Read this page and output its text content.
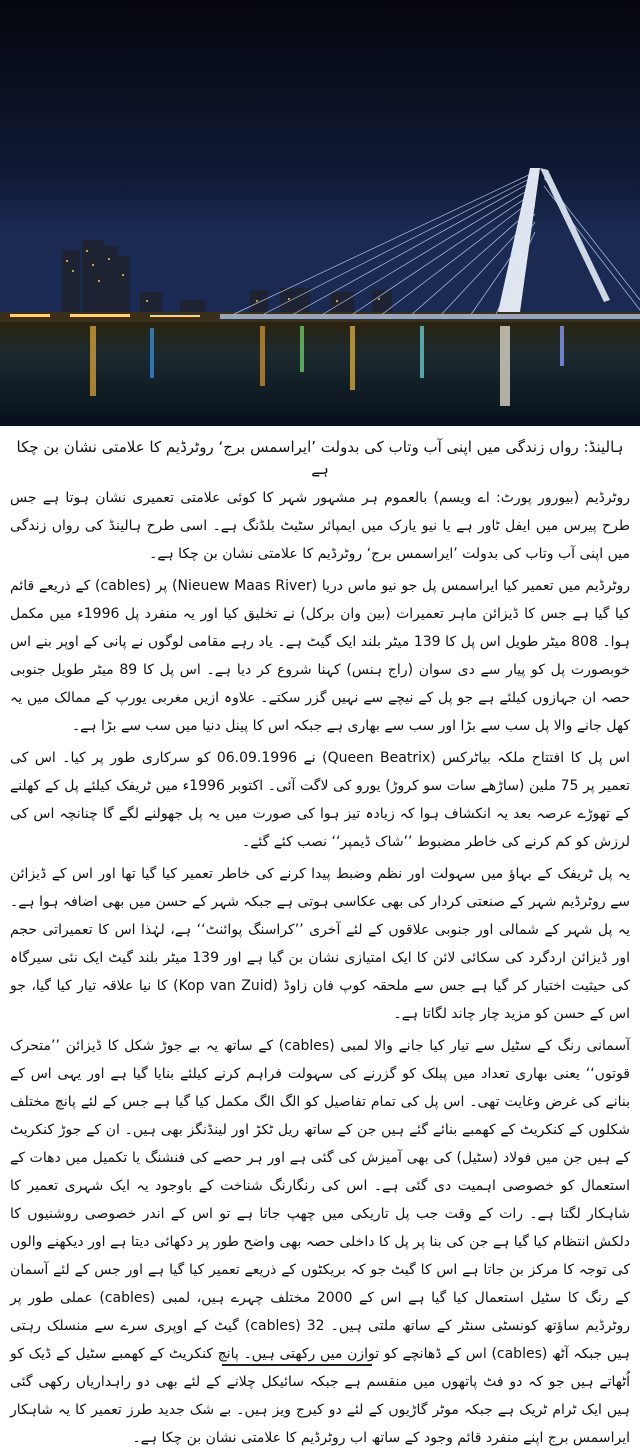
ہالینڈ: رواں زندگی میں اپنی آب وتاب کی بدولت ’ایراسمس برج‘ روٹرڈیم کا علامتی نشان بن چکا ہے

روٹرڈیم (بیورور پورٹ: اے ویسم) بالعموم ہر مشہور شہر کا کوئی علامتی تعمیری نشان ہوتا ہے جس طرح پیرس میں ایفل ٹاور ہے یا نیو یارک میں ایمپائر سٹیٹ بلڈنگ ہے۔ اسی طرح ہالینڈ کی رواں زندگی میں اپنی آب وتاب کی بدولت ’ایراسمس برج‘ روٹرڈیم کا علامتی نشان بن چکا ہے۔

روٹرڈیم میں تعمیر کیا ایراسمس پل جو نیو ماس دریا (Nieuew Maas River) پر (cables) کے ذریعے قائم کیا گیا ہے جس کا ڈیزائن ماہر تعمیرات (بین وان برکل) نے تخلیق کیا اور یہ منفرد پل 1996ء میں مکمل ہوا۔ 808 میٹر طویل اس پل کا 139 میٹر بلند ایک گیٹ ہے۔ یاد رہے مقامی لوگوں نے پانی کے اوپر بنے اس خوبصورت پل کو پیار سے دی سوان (راج ہنس) کہنا شروع کر دیا ہے۔ اس پل کا 89 میٹر طویل جنوبی حصہ ان جہازوں کیلئے ہے جو پل کے نیچے سے نہیں گزر سکتے۔ علاوہ ازیں مغربی یورپ کے ممالک میں یہ کھل جانے والا پل سب سے بڑا اور سب سے بھاری ہے جبکہ اس کا پینل دنیا میں سب سے بڑا ہے۔

اس پل کا افتتاح ملکہ بیاٹرکس (Queen Beatrix) نے 06.09.1996 کو سرکاری طور پر کیا۔ اس کی تعمیر پر 75 ملین (ساڑھے سات سو کروڑ) یورو کی لاگت آئی۔ اکتوبر 1996ء میں ٹریفک کیلئے پل کے کھلنے کے تھوڑے عرصہ بعد یہ انکشاف ہوا کہ زیادہ تیز ہوا کی صورت میں یہ پل جھولنے لگے گا چنانچہ اس کی لرزش کو کم کرنے کی خاطر مضبوط ’’شاک ڈیمپر‘‘ نصب کئے گئے۔

یہ پل ٹریفک کے بہاؤ میں سہولت اور نظم وضبط پیدا کرنے کی خاطر تعمیر کیا گیا تھا اور اس کے ڈیزائن سے روٹرڈیم شہر کے صنعتی کردار کی بھی عکاسی ہوتی ہے جبکہ شہر کے حسن میں بھی اضافہ ہوا ہے۔ یہ پل شہر کے شمالی اور جنوبی علاقوں کے لئے آخری ’’کراسنگ پوائنٹ‘‘ ہے، لہٰذا اس کا تعمیراتی حجم اور ڈیزائن اردگرد کی سکائی لائن کا ایک امتیازی نشان بن گیا ہے اور 139 میٹر بلند گیٹ ایک نئی سیرگاہ کی حیثیت اختیار کر گیا ہے جس سے ملحقہ کوپ فان زاوڈ (Kop van Zuid) کا نیا علاقہ تیار کیا گیا، جو اس کے حسن کو مزید چار چاند لگاتا ہے۔

آسمانی رنگ کے سٹیل سے تیار کیا جانے والا لمبی (cables) کے ساتھ یہ بے جوڑ شکل کا ڈیزائن ’’متحرک قوتوں‘‘ یعنی بھاری تعداد میں پبلک کو گزرنے کی سہولت فراہم کرنے کیلئے بنایا گیا ہے اور یہی اس کے بنانے کی غرض وغایت تھی۔ اس پل کی تمام تفاصیل کو الگ الگ مکمل کیا گیا ہے جس کے لئے پانچ مختلف شکلوں کے کنکریٹ کے کھمبے بنائے گئے ہیں جن کے ساتھ ریل ٹکڑ اور لینڈنگز بھی ہیں۔ ان کے جوڑ کنکریٹ کے ہیں جن میں فولاد (سٹیل) کی بھی آمیزش کی گئی ہے اور ہر حصے کی فنشنگ یا تکمیل میں دھات کے استعمال کو خصوصی اہمیت دی گئی ہے۔ اس کی رنگارنگ شناخت کے باوجود یہ ایک شہری تعمیر کا شاہکار لگتا ہے۔ رات کے وقت جب پل تاریکی میں چھپ جاتا ہے تو اس کے اندر خصوصی روشنیوں کا دلکش انتظام کیا گیا ہے جن کی بنا پر پل کا داخلی حصہ بھی واضح طور پر دکھائی دیتا ہے اور دیکھنے والوں کی توجہ کا مرکز بن جاتا ہے اس کا گیٹ جو کہ بریکٹوں کے ذریعے تعمیر کیا گیا ہے اور جس کے لئے آسمان کے رنگ کا سٹیل استعمال کیا گیا ہے اس کے 2000 مختلف چہرے ہیں، لمبی (cables) عملی طور پر روٹرڈیم ساؤتھ کونسٹی سنٹر کے ساتھ ملتی ہیں۔ 32 (cables) گیٹ کے اوپری سرے سے منسلک رہتی ہیں جبکہ آٹھ (cables) اس کے ڈھانچے کو توازن میں رکھتی ہیں۔ پانچ کنکریٹ کے کھمبے سٹیل کے ڈیک کو اُٹھاتے ہیں جو کہ دو فٹ پاتھوں میں منقسم ہے جبکہ سائیکل چلانے کے لئے بھی دو راہداریاں رکھی گئی ہیں ایک ٹرام ٹریک ہے جبکہ موٹر گاڑیوں کے لئے دو کیرج ویز ہیں۔ بے شک جدید طرز تعمیر کا یہ شاہکار ایراسمس برج اپنے منفرد قائم وجود کے ساتھ اب روٹرڈیم کا علامتی نشان بن چکا ہے۔
